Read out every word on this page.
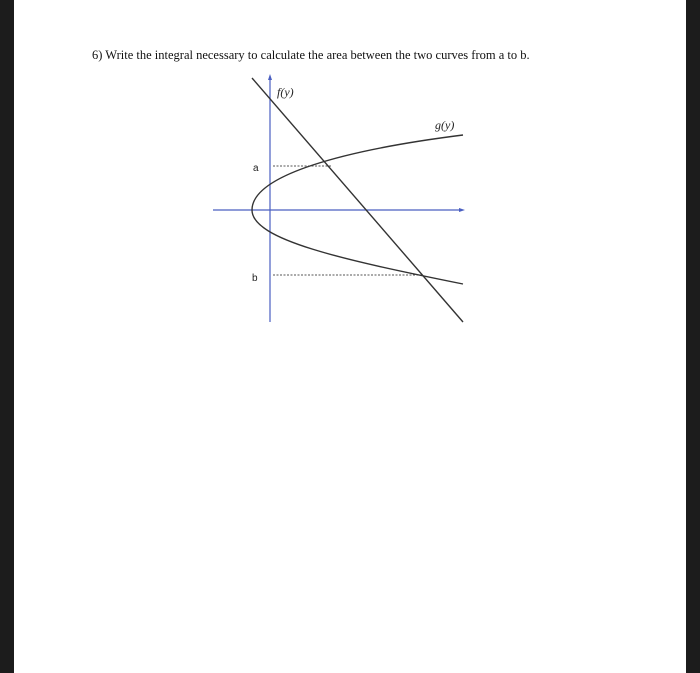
6) Write the integral necessary to calculate the area between the two curves from a to b.
f(y)
g(y)
a
b
